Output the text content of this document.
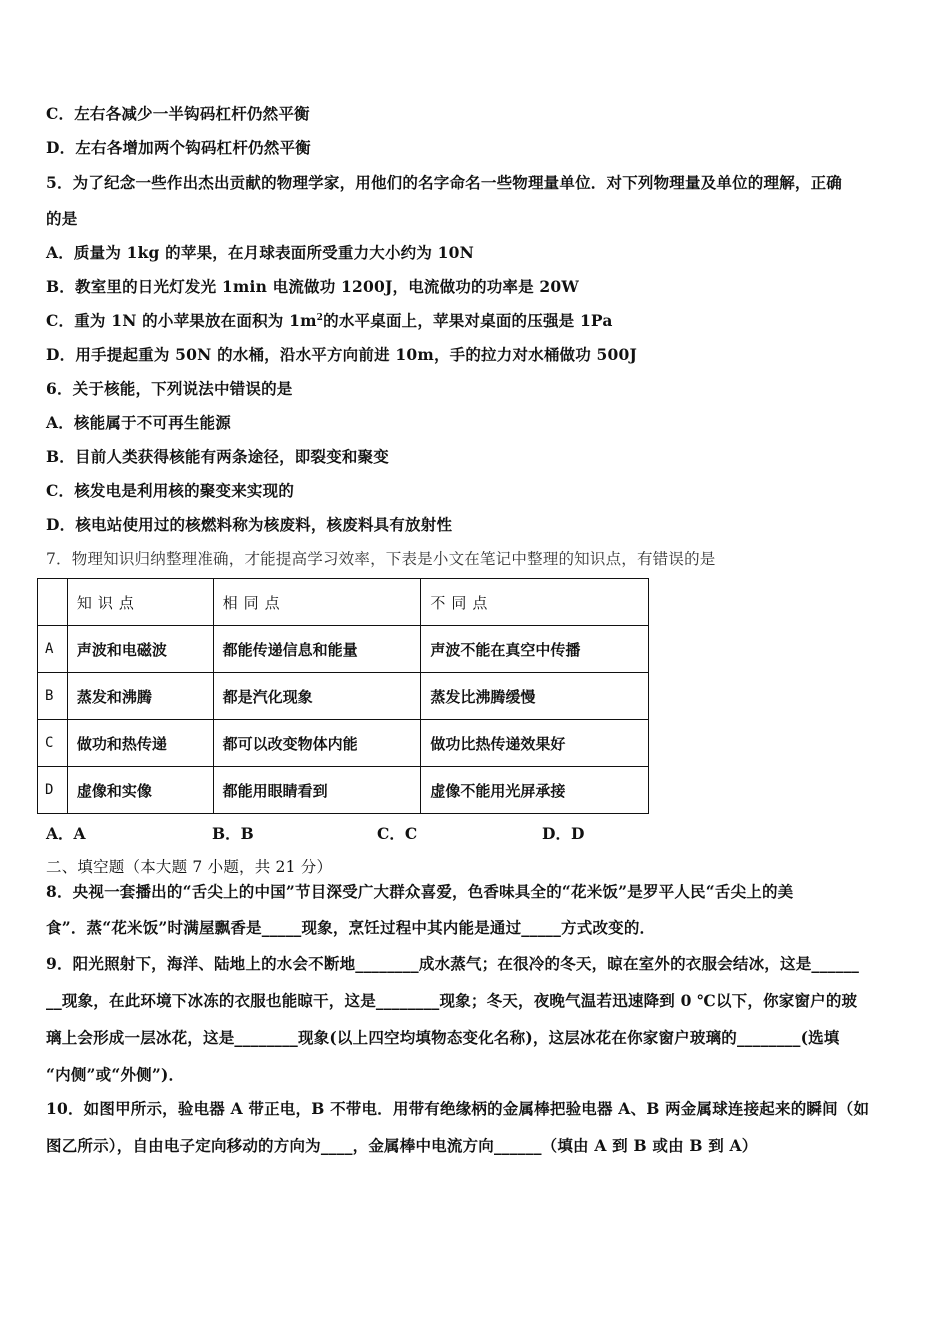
C．左右各减少一半钩码杠杆仍然平衡
D．左右各增加两个钩码杠杆仍然平衡
5．为了纪念一些作出杰出贡献的物理学家，用他们的名字命名一些物理量单位．对下列物理量及单位的理解，正确
的是
A．质量为 1kg 的苹果，在月球表面所受重力大小约为 10N
B．教室里的日光灯发光 1min 电流做功 1200J，电流做功的功率是 20W
C．重为 1N 的小苹果放在面积为 $1m^2$的水平桌面上，苹果对桌面的压强是 1Pa
D．用手提起重为 50N 的水桶，沿水平方向前进 10m，手的拉力对水桶做功 500J
6．关于核能，下列说法中错误的是
A．核能属于不可再生能源
B．目前人类获得核能有两条途径，即裂变和聚变
C．核发电是利用核的聚变来实现的
D．核电站使用过的核燃料称为核废料，核废料具有放射性
7．物理知识归纳整理准确，才能提高学习效率，下表是小文在笔记中整理的知识点，有错误的是
	知识点	相同点	不同点
A	声波和电磁波	都能传递信息和能量	声波不能在真空中传播
B	蒸发和沸腾	都是汽化现象	蒸发比沸腾缓慢
C	做功和热传递	都可以改变物体内能	做功比热传递效果好
D	虚像和实像	都能用眼睛看到	虚像不能用光屏承接
A．A	B．B	C．C	D．D
二、填空题（本大题 7 小题，共 21 分）
8．央视一套播出的“舌尖上的中国”节目深受广大群众喜爱，色香味具全的“花米饭”是罗平人民“舌尖上的美
食”．蒸“花米饭”时满屋飘香是_____现象，烹饪过程中其内能是通过_____方式改变的．
9．阳光照射下，海洋、陆地上的水会不断地________成水蒸气；在很冷的冬天，晾在室外的衣服会结冰，这是______
__现象，在此环境下冰冻的衣服也能晾干，这是________现象；冬天，夜晚气温若迅速降到 0 ℃以下，你家窗户的玻
璃上会形成一层冰花，这是________现象(以上四空均填物态变化名称)，这层冰花在你家窗户玻璃的________(选填
“内侧”或“外侧”)．
10．如图甲所示，验电器 A 带正电，B 不带电．用带有绝缘柄的金属棒把验电器 A、B 两金属球连接起来的瞬间（如
图乙所示），自由电子定向移动的方向为____，金属棒中电流方向______（填由 A 到 B 或由 B 到 A）
